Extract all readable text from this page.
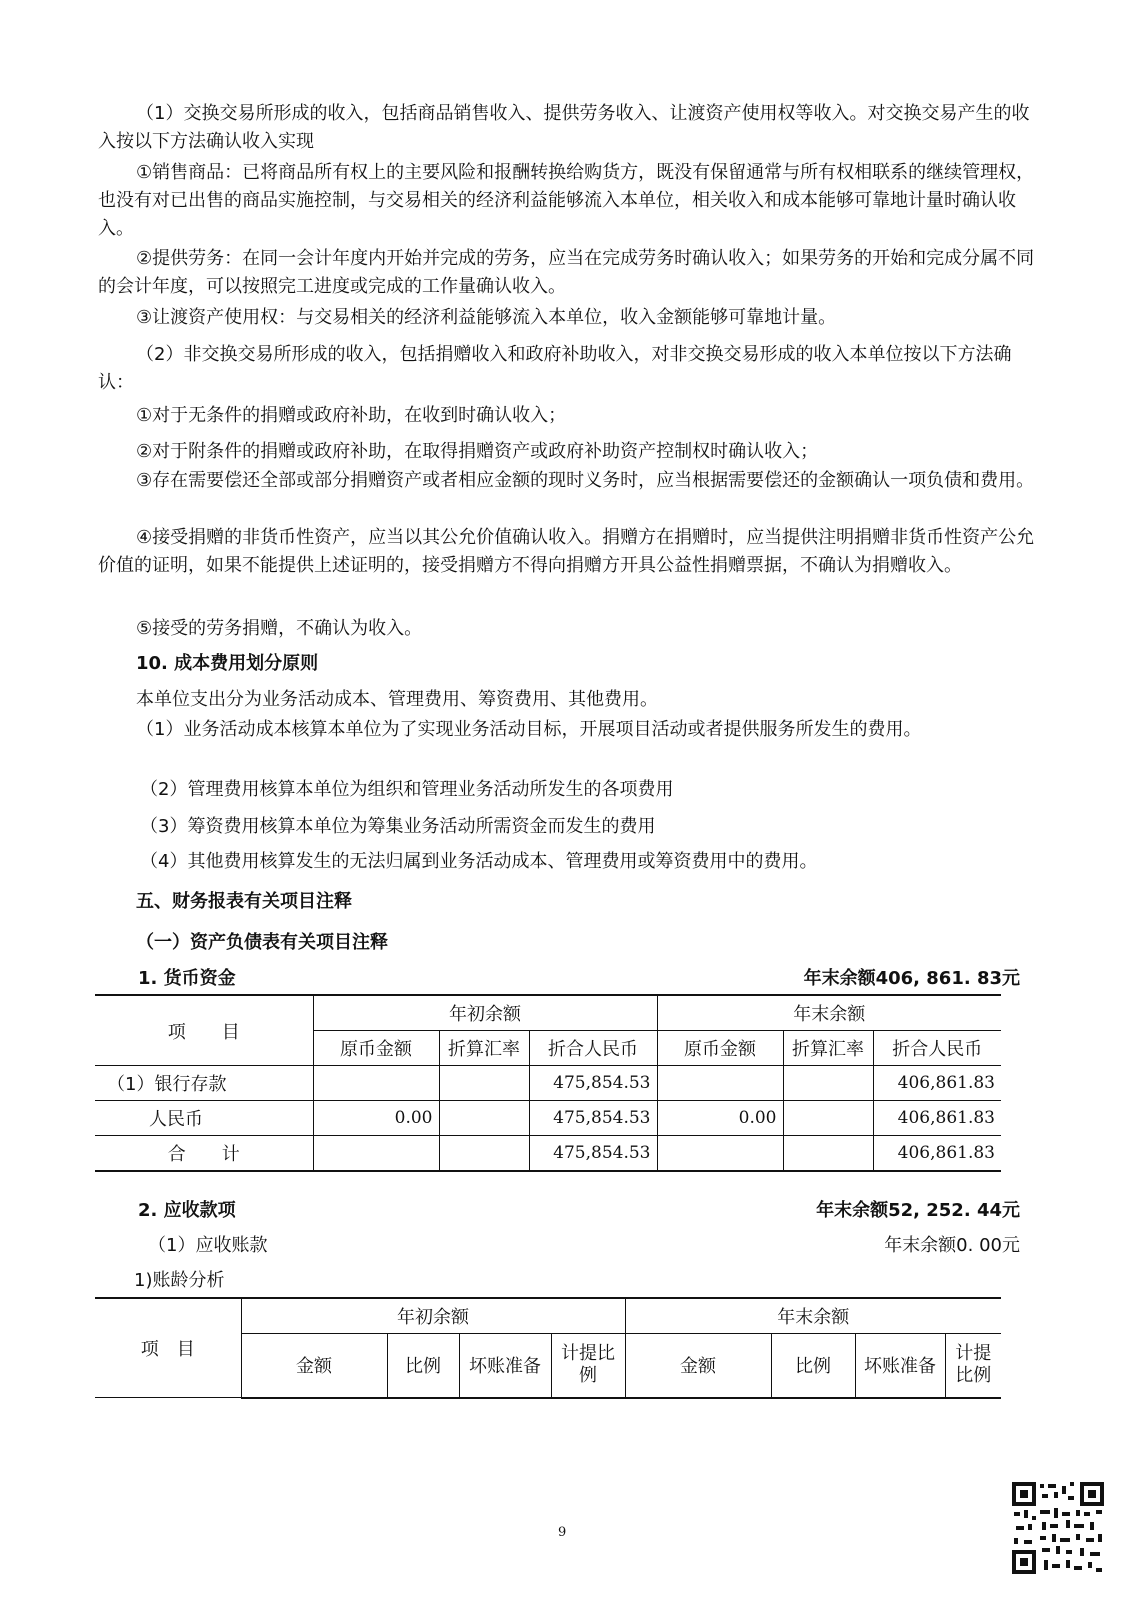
（1）交换交易所形成的收入，包括商品销售收入、提供劳务收入、让渡资产使用权等收入。对交换交易产生的收入按以下方法确认收入实现

①销售商品：已将商品所有权上的主要风险和报酬转换给购货方，既没有保留通常与所有权相联系的继续管理权，也没有对已出售的商品实施控制，与交易相关的经济利益能够流入本单位，相关收入和成本能够可靠地计量时确认收入。

②提供劳务：在同一会计年度内开始并完成的劳务，应当在完成劳务时确认收入；如果劳务的开始和完成分属不同的会计年度，可以按照完工进度或完成的工作量确认收入。

③让渡资产使用权：与交易相关的经济利益能够流入本单位，收入金额能够可靠地计量。

（2）非交换交易所形成的收入，包括捐赠收入和政府补助收入，对非交换交易形成的收入本单位按以下方法确认：

①对于无条件的捐赠或政府补助，在收到时确认收入；

②对于附条件的捐赠或政府补助，在取得捐赠资产或政府补助资产控制权时确认收入；

③存在需要偿还全部或部分捐赠资产或者相应金额的现时义务时，应当根据需要偿还的金额确认一项负债和费用。

④接受捐赠的非货币性资产，应当以其公允价值确认收入。捐赠方在捐赠时，应当提供注明捐赠非货币性资产公允价值的证明，如果不能提供上述证明的，接受捐赠方不得向捐赠方开具公益性捐赠票据，不确认为捐赠收入。

⑤接受的劳务捐赠，不确认为收入。

10. 成本费用划分原则

本单位支出分为业务活动成本、管理费用、筹资费用、其他费用。

（1）业务活动成本核算本单位为了实现业务活动目标，开展项目活动或者提供服务所发生的费用。

（2）管理费用核算本单位为组织和管理业务活动所发生的各项费用

（3）筹资费用核算本单位为筹集业务活动所需资金而发生的费用

（4）其他费用核算发生的无法归属到业务活动成本、管理费用或筹资费用中的费用。

五、财务报表有关项目注释

（一）资产负债表有关项目注释

1. 货币资金	年末余额406, 861. 83元
项　　目	年初余额			年末余额		
	原币金额	折算汇率	折合人民币	原币金额	折算汇率	折合人民币
（1）银行存款			475,854.53			406,861.83
人民币	0.00		475,854.53	0.00		406,861.83
合　　计			475,854.53			406,861.83
2. 应收款项	年末余额52, 252. 44元
（1）应收账款	年末余额0. 00元
1)账龄分析
项　目	年初余额				年末余额			
	金额	比例	坏账准备	计提比例	金额	比例	坏账准备	计提比例
9
